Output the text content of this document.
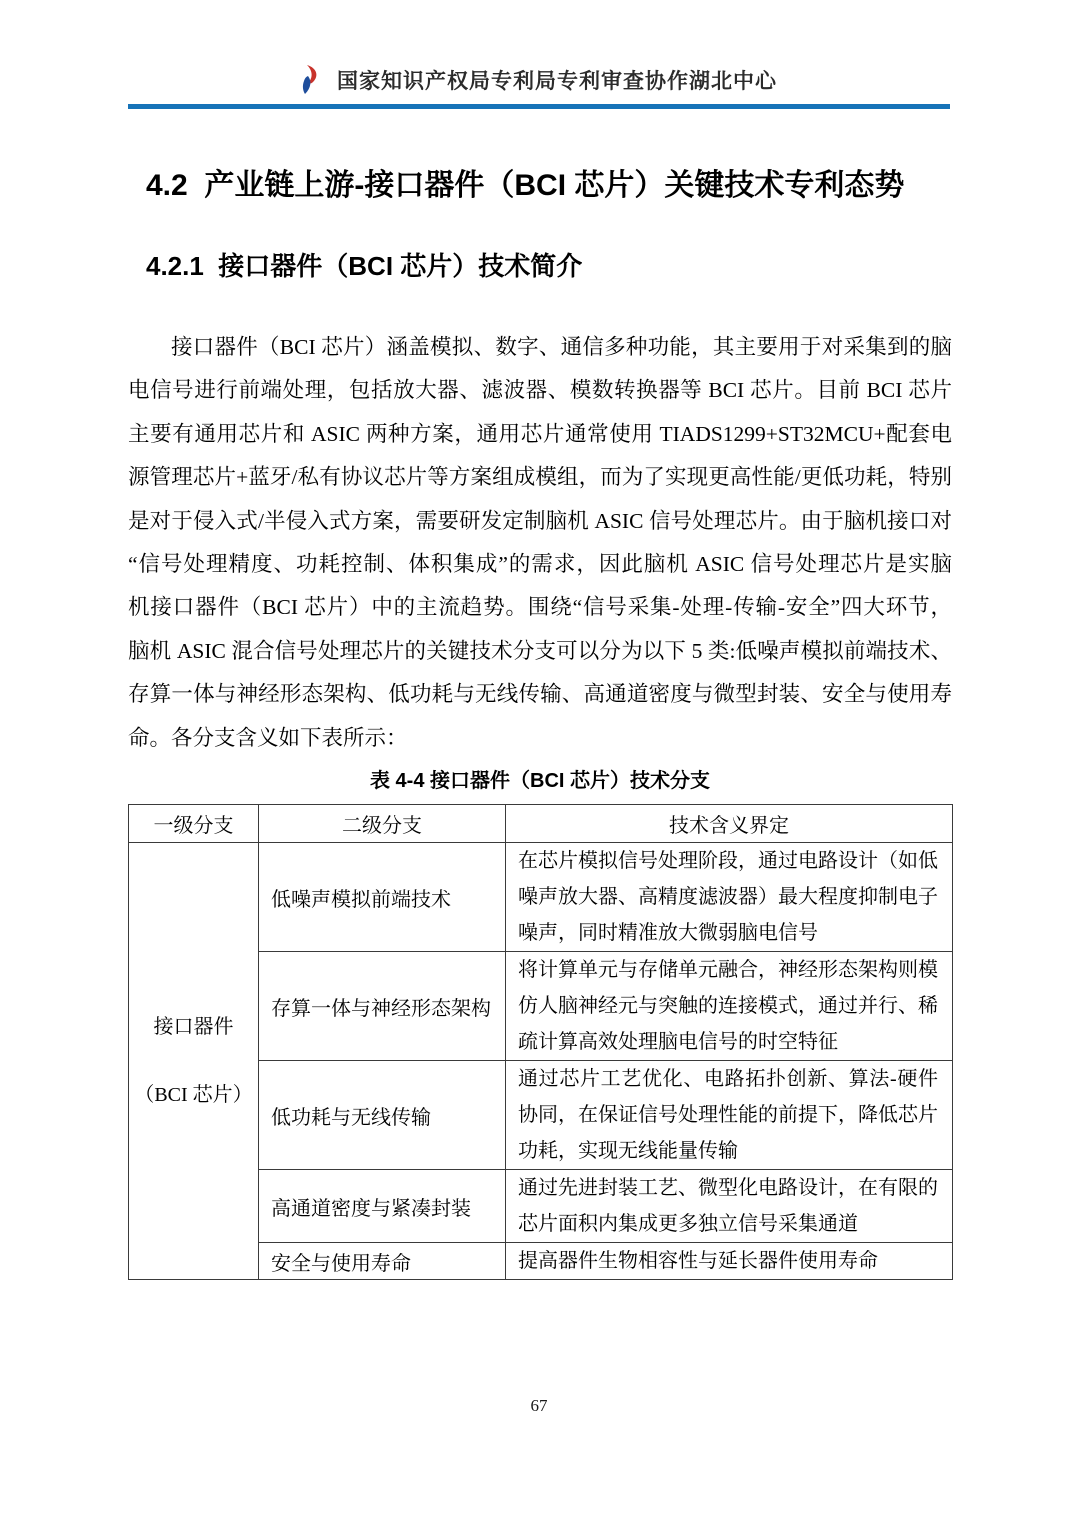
国家知识产权局专利局专利审查协作湖北中心
4.2  产业链上游-接口器件（BCI 芯片）关键技术专利态势
4.2.1  接口器件（BCI 芯片）技术简介
接口器件（BCI 芯片）涵盖模拟、数字、通信多种功能，其主要用于对采集到的脑
电信号进行前端处理，包括放大器、滤波器、模数转换器等 BCI 芯片。目前 BCI 芯片
主要有通用芯片和 ASIC 两种方案，通用芯片通常使用 TIADS1299+ST32MCU+配套电
源管理芯片+蓝牙/私有协议芯片等方案组成模组，而为了实现更高性能/更低功耗，特别
是对于侵入式/半侵入式方案，需要研发定制脑机 ASIC 信号处理芯片。由于脑机接口对
“信号处理精度、功耗控制、体积集成”的需求，因此脑机 ASIC 信号处理芯片是实脑
机接口器件（BCI 芯片）中的主流趋势。围绕“信号采集-处理-传输-安全”四大环节，
脑机 ASIC 混合信号处理芯片的关键技术分支可以分为以下 5 类:低噪声模拟前端技术、
存算一体与神经形态架构、低功耗与无线传输、高通道密度与微型封装、安全与使用寿
命。各分支含义如下表所示：
表 4-4 接口器件（BCI 芯片）技术分支
一级分支	二级分支	技术含义界定

接口器件
（BCI 芯片）	低噪声模拟前端技术	在芯片模拟信号处理阶段，通过电路设计（如低噪声放大器、高精度滤波器）最大程度抑制电子噪声，同时精准放大微弱脑电信号
	存算一体与神经形态架构	将计算单元与存储单元融合，神经形态架构则模仿人脑神经元与突触的连接模式，通过并行、稀疏计算高效处理脑电信号的时空特征
	低功耗与无线传输	通过芯片工艺优化、电路拓扑创新、算法-硬件协同，在保证信号处理性能的前提下，降低芯片功耗，实现无线能量传输
	高通道密度与紧凑封装	通过先进封装工艺、微型化电路设计，在有限的芯片面积内集成更多独立信号采集通道
	安全与使用寿命	提高器件生物相容性与延长器件使用寿命
67
